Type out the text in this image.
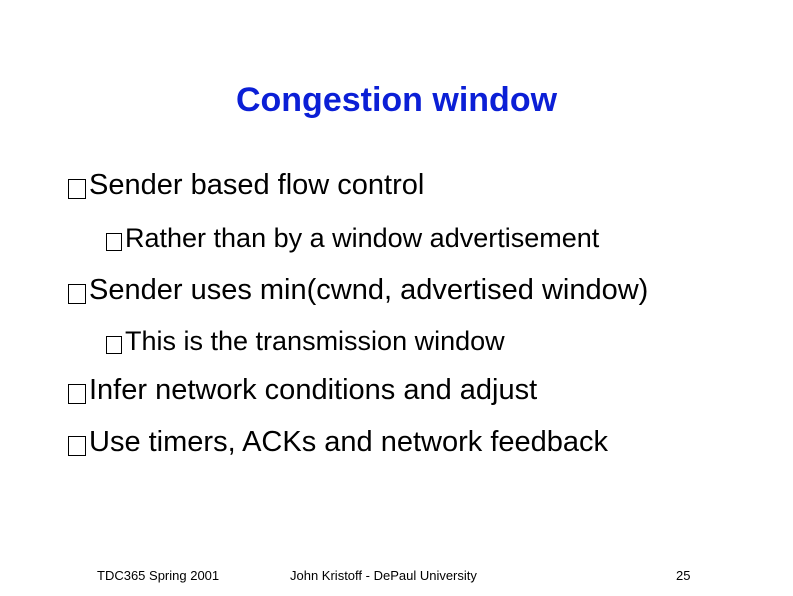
Congestion window
Sender based flow control
Rather than by a window advertisement
Sender uses min(cwnd, advertised window)
This is the transmission window
Infer network conditions and adjust
Use timers, ACKs and network feedback
TDC365 Spring 2001	John Kristoff - DePaul University	25
